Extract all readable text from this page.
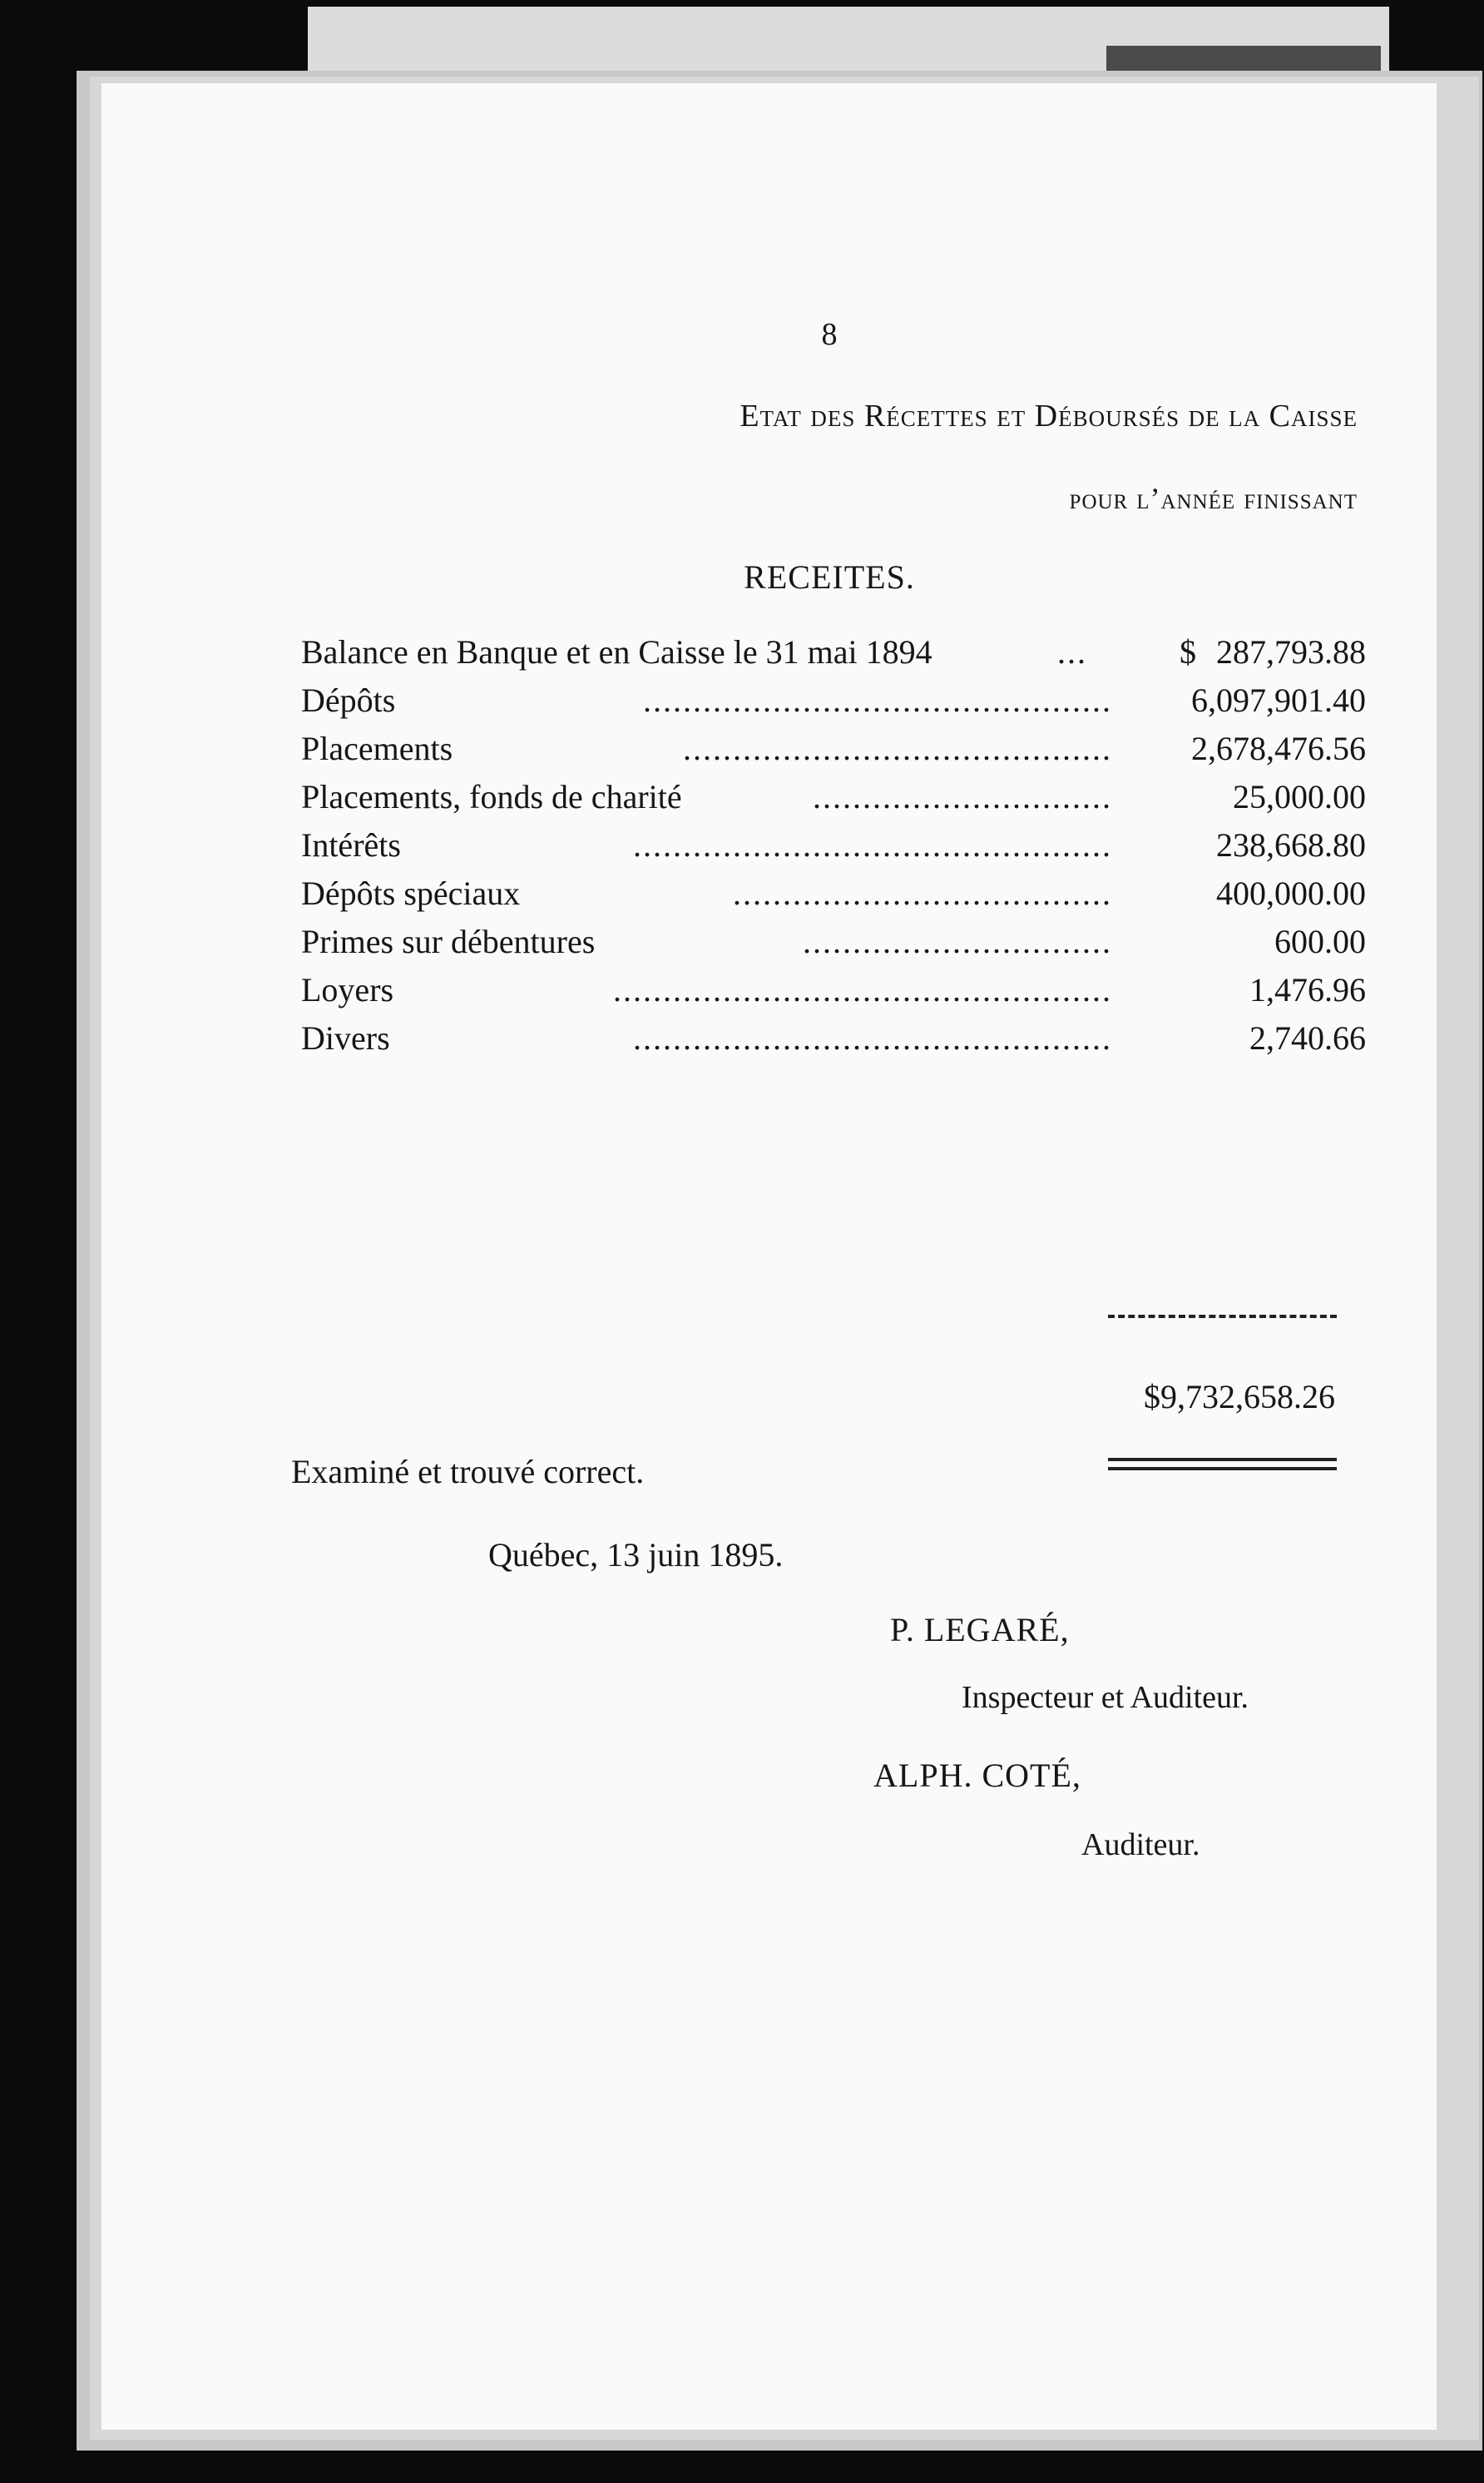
8
Etat des Récettes et Déboursés de la Caisse
pour l’année finissant
RECEITES.
Balance en Banque et en Caisse le 31 mai 1894	...	$ 287,793.88
Dépôts	............................................... 6,097,901.40
Placements	........................................... 2,678,476.56
Placements, fonds de charité	..............................	25,000.00
Intérêts	................................................	238,668.80
Dépôts spéciaux	......................................	400,000.00
Primes sur débentures	...............................	600.00
Loyers	..................................................	1,476.96
Divers	................................................	2,740.66
$9,732,658.26
Examiné et trouvé correct.
Québec, 13 juin 1895.
P. LEGARÉ,
Inspecteur et Auditeur.
ALPH. COTÉ,
Auditeur.
